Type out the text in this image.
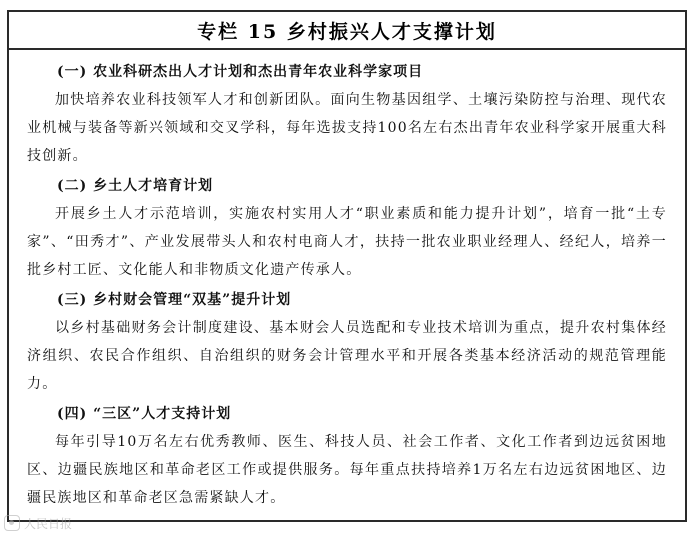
专栏 15 乡村振兴人才支撑计划
(一) 农业科研杰出人才计划和杰出青年农业科学家项目

加快培养农业科技领军人才和创新团队。面向生物基因组学、土壤污染防控与治理、现代农业机械与装备等新兴领域和交叉学科，每年选拔支持100名左右杰出青年农业科学家开展重大科技创新。

(二) 乡土人才培育计划

开展乡土人才示范培训，实施农村实用人才“职业素质和能力提升计划”，培育一批“土专家”、“田秀才”、产业发展带头人和农村电商人才，扶持一批农业职业经理人、经纪人，培养一批乡村工匠、文化能人和非物质文化遗产传承人。

(三) 乡村财会管理“双基”提升计划

以乡村基础财务会计制度建设、基本财会人员选配和专业技术培训为重点，提升农村集体经济组织、农民合作组织、自治组织的财务会计管理水平和开展各类基本经济活动的规范管理能力。

(四) “三区”人才支持计划

每年引导10万名左右优秀教师、医生、科技人员、社会工作者、文化工作者到边远贫困地区、边疆民族地区和革命老区工作或提供服务。每年重点扶持培养1万名左右边远贫困地区、边疆民族地区和革命老区急需紧缺人才。

人民日报
